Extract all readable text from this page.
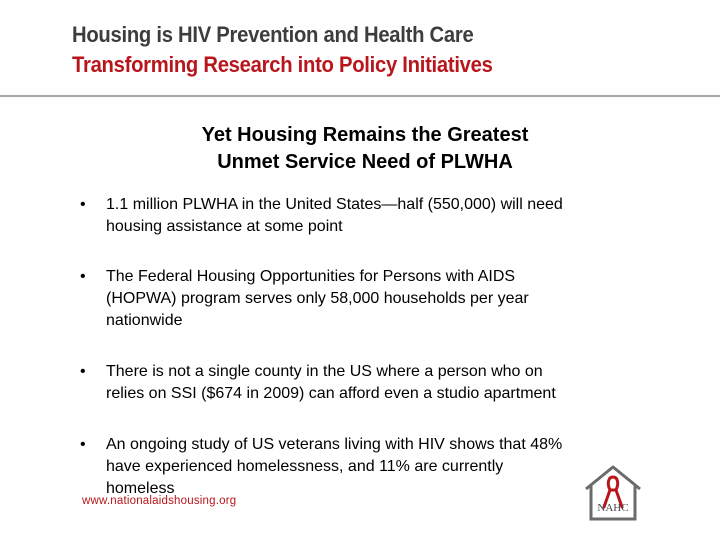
Housing is HIV Prevention and Health Care
Transforming Research into Policy Initiatives
Yet Housing Remains the Greatest
Unmet Service Need of PLWHA
• 1.1 million PLWHA in the United States—half (550,000) will need
housing assistance at some point
• The Federal Housing Opportunities for Persons with AIDS
(HOPWA) program serves only 58,000 households per year
nationwide
• There is not a single county in the US where a person who on
relies on SSI ($674 in 2009) can afford even a studio apartment
• An ongoing study of US veterans living with HIV shows that 48%
have experienced homelessness, and 11% are currently
homeless
www.nationalaidshousing.org
NAHC
